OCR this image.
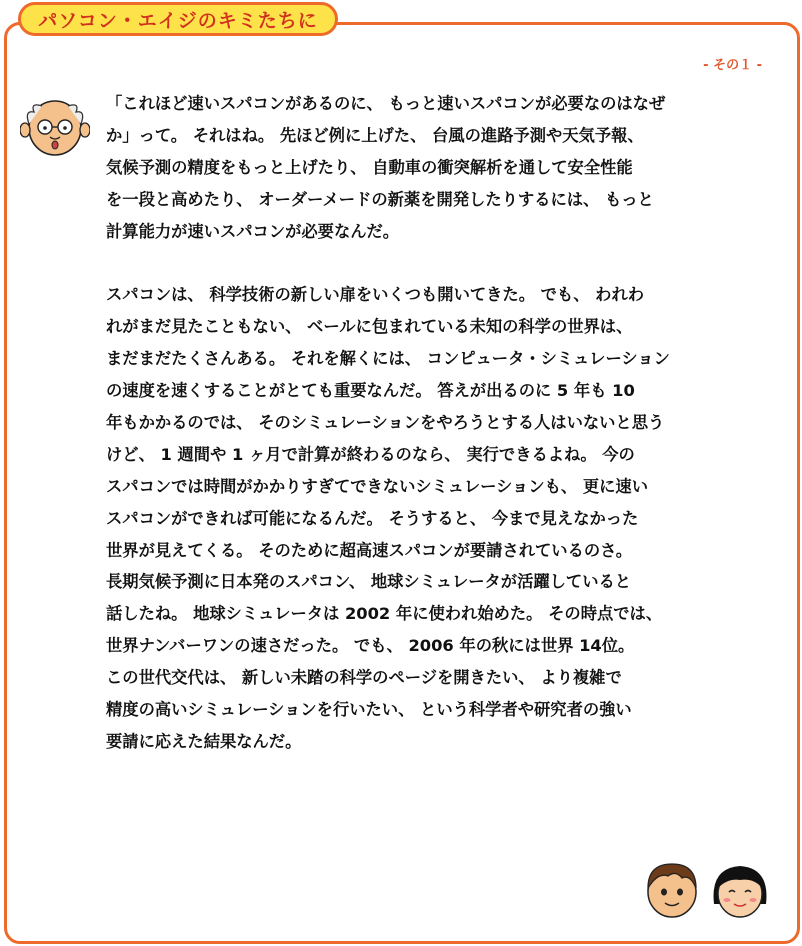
パソコン・エイジのキミたちに
- その１ -
「これほど速いスパコンがあるのに、 もっと速いスパコンが必要なのはなぜ
か」って。 それはね。 先ほど例に上げた、 台風の進路予測や天気予報、
気候予測の精度をもっと上げたり、 自動車の衝突解析を通して安全性能
を一段と高めたり、 オーダーメードの新薬を開発したりするには、 もっと
計算能力が速いスパコンが必要なんだ。
スパコンは、 科学技術の新しい扉をいくつも開いてきた。 でも、 われわ
れがまだ見たこともない、 ベールに包まれている未知の科学の世界は、
まだまだたくさんある。 それを解くには、 コンピュータ・シミュレーション
の速度を速くすることがとても重要なんだ。 答えが出るのに 5 年も 10
年もかかるのでは、 そのシミュレーションをやろうとする人はいないと思う
けど、 1 週間や 1 ヶ月で計算が終わるのなら、 実行できるよね。 今の
スパコンでは時間がかかりすぎてできないシミュレーションも、 更に速い
スパコンができれば可能になるんだ。 そうすると、 今まで見えなかった
世界が見えてくる。 そのために超高速スパコンが要請されているのさ。
長期気候予測に日本発のスパコン、 地球シミュレータが活躍していると
話したね。 地球シミュレータは 2002 年に使われ始めた。 その時点では、
世界ナンバーワンの速さだった。 でも、 2006 年の秋には世界 14位。
この世代交代は、 新しい未踏の科学のページを開きたい、 より複雑で
精度の高いシミュレーションを行いたい、 という科学者や研究者の強い
要請に応えた結果なんだ。
